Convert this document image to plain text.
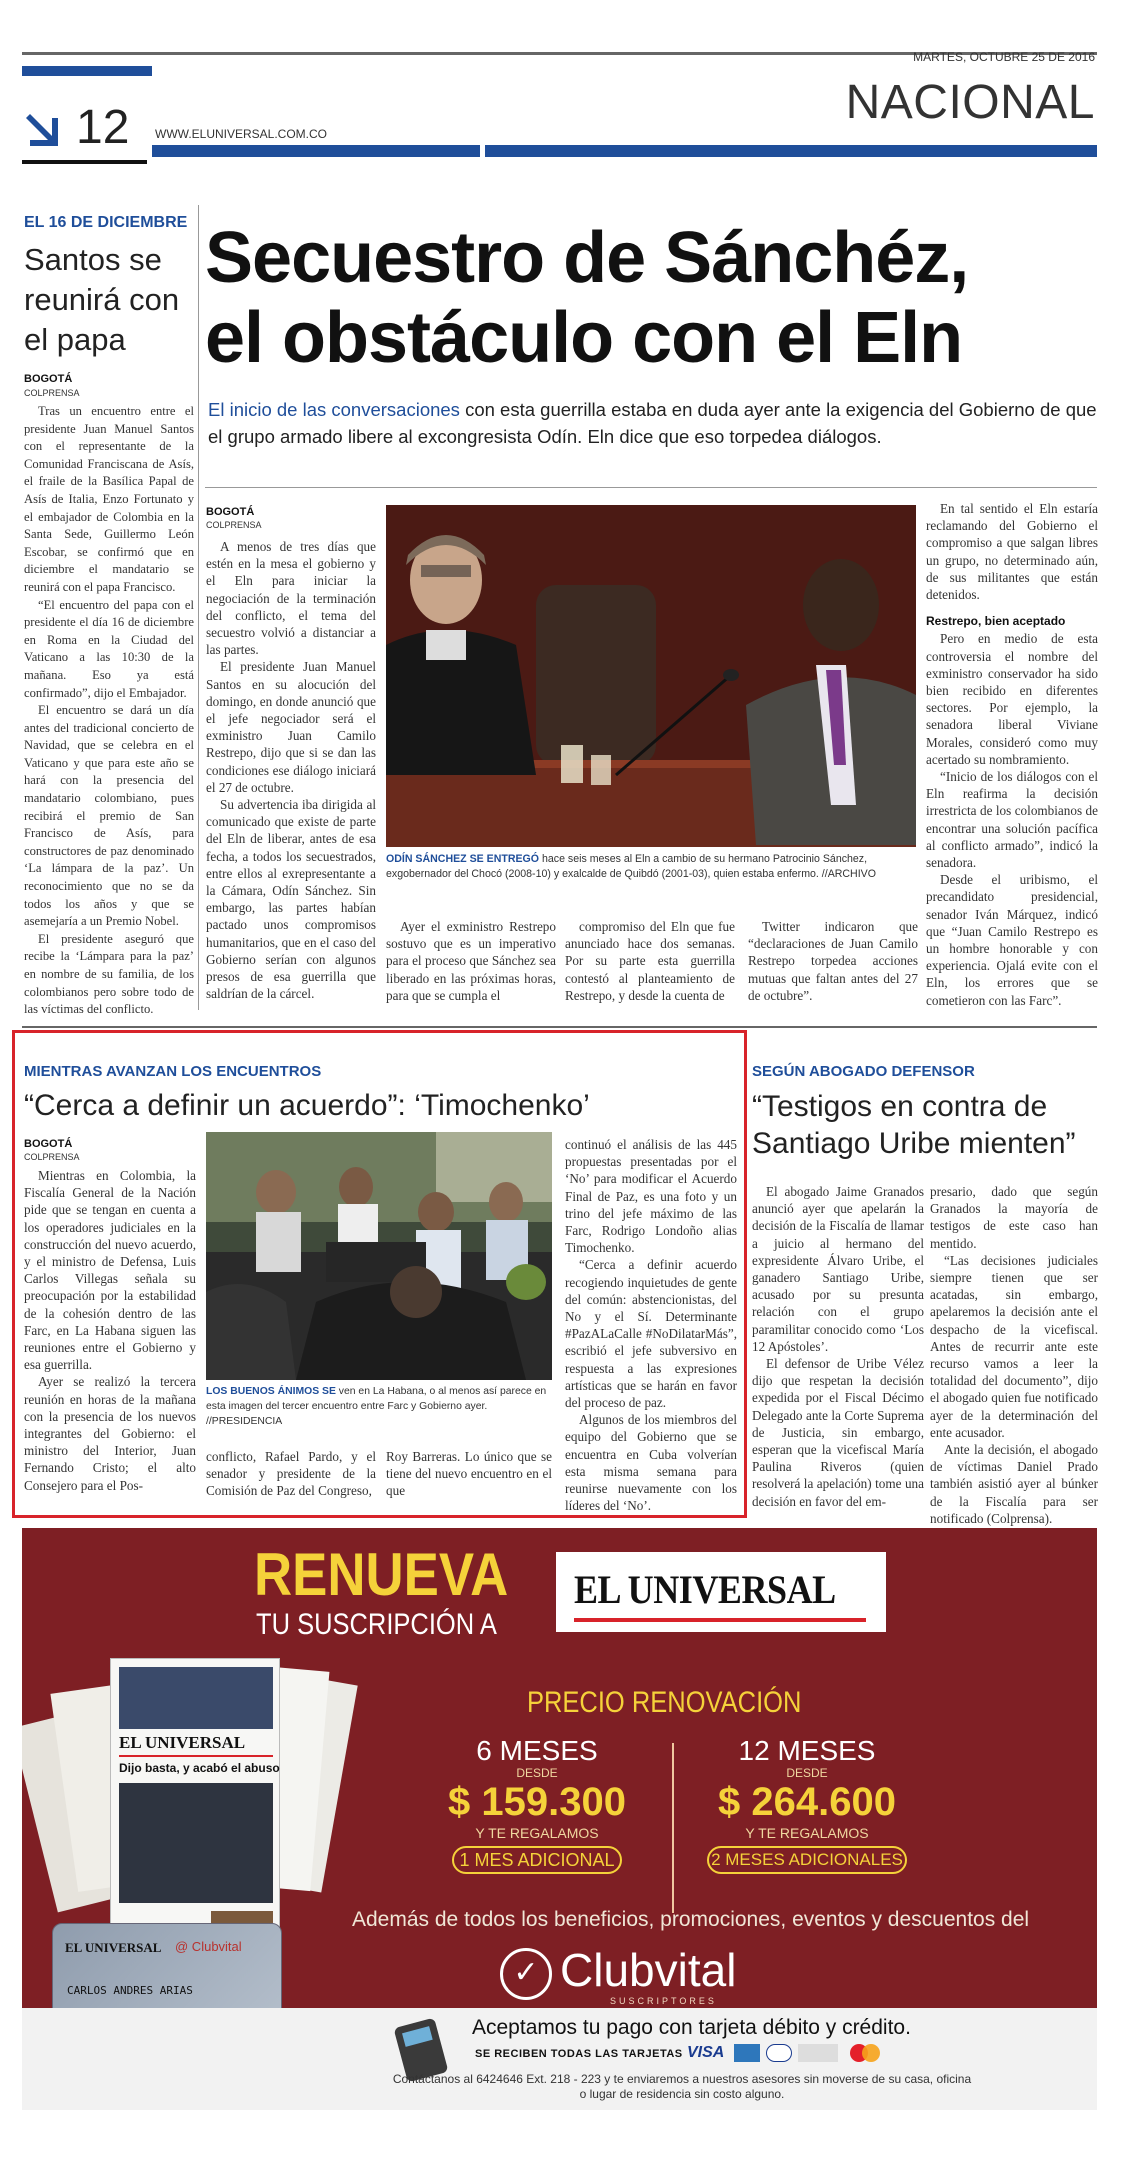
MARTES, OCTUBRE 25 DE 2016
NACIONAL
12 WWW.ELUNIVERSAL.COM.CO
EL 16 DE DICIEMBRE
Santos se reunirá con el papa
BOGOTÁ
COLPRENSA

Tras un encuentro entre el presidente Juan Manuel Santos con el representante de la Comunidad Franciscana de Asís, el fraile de la Basílica Papal de Asís de Italia, Enzo Fortunato y el embajador de Colombia en la Santa Sede, Guillermo León Escobar, se confirmó que en diciembre el mandatario se reunirá con el papa Francisco.

“El encuentro del papa con el presidente el día 16 de diciembre en Roma en la Ciudad del Vaticano a las 10:30 de la mañana. Eso ya está confirmado”, dijo el Embajador.

El encuentro se dará un día antes del tradicional concierto de Navidad, que se celebra en el Vaticano y que para este año se hará con la presencia del mandatario colombiano, pues recibirá el premio de San Francisco de Asís, para constructores de paz denominado ‘La lámpara de la paz’. Un reconocimiento que no se da todos los años y que se asemejaría a un Premio Nobel.

El presidente aseguró que recibe la ‘Lámpara para la paz’ en nombre de su familia, de los colombianos pero sobre todo de las víctimas del conflicto.

Secuestro de Sánchéz,
el obstáculo con el Eln
El inicio de las conversaciones con esta guerrilla estaba en duda ayer ante la exigencia del Gobierno de que el grupo armado libere al excongresista Odín. Eln dice que eso torpedea diálogos.
BOGOTÁ
COLPRENSA

A menos de tres días que estén en la mesa el gobierno y el Eln para iniciar la negociación de la terminación del conflicto, el tema del secuestro volvió a distanciar a las partes.

El presidente Juan Manuel Santos en su alocución del domingo, en donde anunció que el jefe negociador será el exministro Juan Camilo Restrepo, dijo que si se dan las condiciones ese diálogo iniciará el 27 de octubre.

Su advertencia iba dirigida al comunicado que existe de parte del Eln de liberar, antes de esa fecha, a todos los secuestrados, entre ellos al exrepresentante a la Cámara, Odín Sánchez. Sin embargo, las partes habían pactado unos compromisos humanitarios, que en el caso del Gobierno serían con algunos presos de esa guerrilla que saldrían de la cárcel.

ODÍN SÁNCHEZ SE ENTREGÓ hace seis meses al Eln a cambio de su hermano Patrocinio Sánchez, exgobernador del Chocó (2008-10) y exalcalde de Quibdó (2001-03), quien estaba enfermo. //ARCHIVO

Ayer el exministro Restrepo sostuvo que es un imperativo para el proceso que Sánchez sea liberado en las próximas horas, para que se cumpla el

compromiso del Eln que fue anunciado hace dos semanas. Por su parte esta guerrilla contestó al planteamiento de Restrepo, y desde la cuenta de

Twitter indicaron que “declaraciones de Juan Camilo Restrepo torpedea acciones mutuas que faltan antes del 27 de octubre”.

En tal sentido el Eln estaría reclamando del Gobierno el compromiso a que salgan libres un grupo, no determinado aún, de sus militantes que están detenidos.

Restrepo, bien aceptado

Pero en medio de esta controversia el nombre del exministro conservador ha sido bien recibido en diferentes sectores. Por ejemplo, la senadora liberal Viviane Morales, consideró como muy acertado su nombramiento.

“Inicio de los diálogos con el Eln reafirma la decisión irrestricta de los colombianos de encontrar una solución pacífica al conflicto armado”, indicó la senadora.

Desde el uribismo, el precandidato presidencial, senador Iván Márquez, indicó que “Juan Camilo Restrepo es un hombre honorable y con experiencia. Ojalá evite con el Eln, los errores que se cometieron con las Farc”.

MIENTRAS AVANZAN LOS ENCUENTROS
“Cerca a definir un acuerdo”: ‘Timochenko’
BOGOTÁ
COLPRENSA

Mientras en Colombia, la Fiscalía General de la Nación pide que se tengan en cuenta a los operadores judiciales en la construcción del nuevo acuerdo, y el ministro de Defensa, Luis Carlos Villegas señala su preocupación por la estabilidad de la cohesión dentro de las Farc, en La Habana siguen las reuniones entre el Gobierno y esa guerrilla.

Ayer se realizó la tercera reunión en horas de la mañana con la presencia de los nuevos integrantes del Gobierno: el ministro del Interior, Juan Fernando Cristo; el alto Consejero para el Pos-

LOS BUENOS ÁNIMOS SE ven en La Habana, o al menos así parece en esta imagen del tercer encuentro entre Farc y Gobierno ayer. //PRESIDENCIA

conflicto, Rafael Pardo, y el senador y presidente de la Comisión de Paz del Congreso,

Roy Barreras. Lo único que se tiene del nuevo encuentro en el que

continuó el análisis de las 445 propuestas presentadas por el ‘No’ para modificar el Acuerdo Final de Paz, es una foto y un trino del jefe máximo de las Farc, Rodrigo Londoño alias Timochenko.

“Cerca a definir acuerdo recogiendo inquietudes de gente del común: abstencionistas, del No y el Sí. Determinante #PazALaCalle #NoDilatarMás”, escribió el jefe subversivo en respuesta a las expresiones artísticas que se harán en favor del proceso de paz.

Algunos de los miembros del equipo del Gobierno que se encuentra en Cuba volverían esta misma semana para reunirse nuevamente con los líderes del ‘No’.

SEGÚN ABOGADO DEFENSOR
“Testigos en contra de Santiago Uribe mienten”

El abogado Jaime Granados anunció ayer que apelarán la decisión de la Fiscalía de llamar a juicio al hermano del expresidente Álvaro Uribe, el ganadero Santiago Uribe, acusado por su presunta relación con el grupo paramilitar conocido como ‘Los 12 Apóstoles’.

El defensor de Uribe Vélez dijo que respetan la decisión expedida por el Fiscal Décimo Delegado ante la Corte Suprema de Justicia, sin embargo, esperan que la vicefiscal María Paulina Riveros (quien resolverá la apelación) tome una decisión en favor del em-

presario, dado que según Granados la mayoría de testigos de este caso han mentido.

“Las decisiones judiciales siempre tienen que ser acatadas, sin embargo, apelaremos la decisión ante el despacho de la vicefiscal. Antes de recurrir ante este recurso vamos a leer la totalidad del documento”, dijo el abogado quien fue notificado ayer de la determinación del ente acusador.

Ante la decisión, el abogado de víctimas Daniel Prado también asistió ayer al búnker de la Fiscalía para ser notificado (Colprensa).

RENUEVA
TU SUSCRIPCIÓN A
EL UNIVERSAL
PRECIO RENOVACIÓN
6 MESES
DESDE
$ 159.300
Y TE REGALAMOS
1 MES ADICIONAL
12 MESES
DESDE
$ 264.600
Y TE REGALAMOS
2 MESES ADICIONALES
Además de todos los beneficios, promociones, eventos y descuentos del
✓ Clubvital
SUSCRIPTORES
EL UNIVERSAL
Dijo basta, y acabó el abuso
EL UNIVERSAL @ Clubvital
CARLOS ANDRES ARIAS
Aceptamos tu pago con tarjeta débito y crédito.
SE RECIBEN TODAS LAS TARJETAS VISA
Contáctanos al 6424646 Ext. 218 - 223 y te enviaremos a nuestros asesores sin moverse de su casa, oficina o lugar de residencia sin costo alguno.
